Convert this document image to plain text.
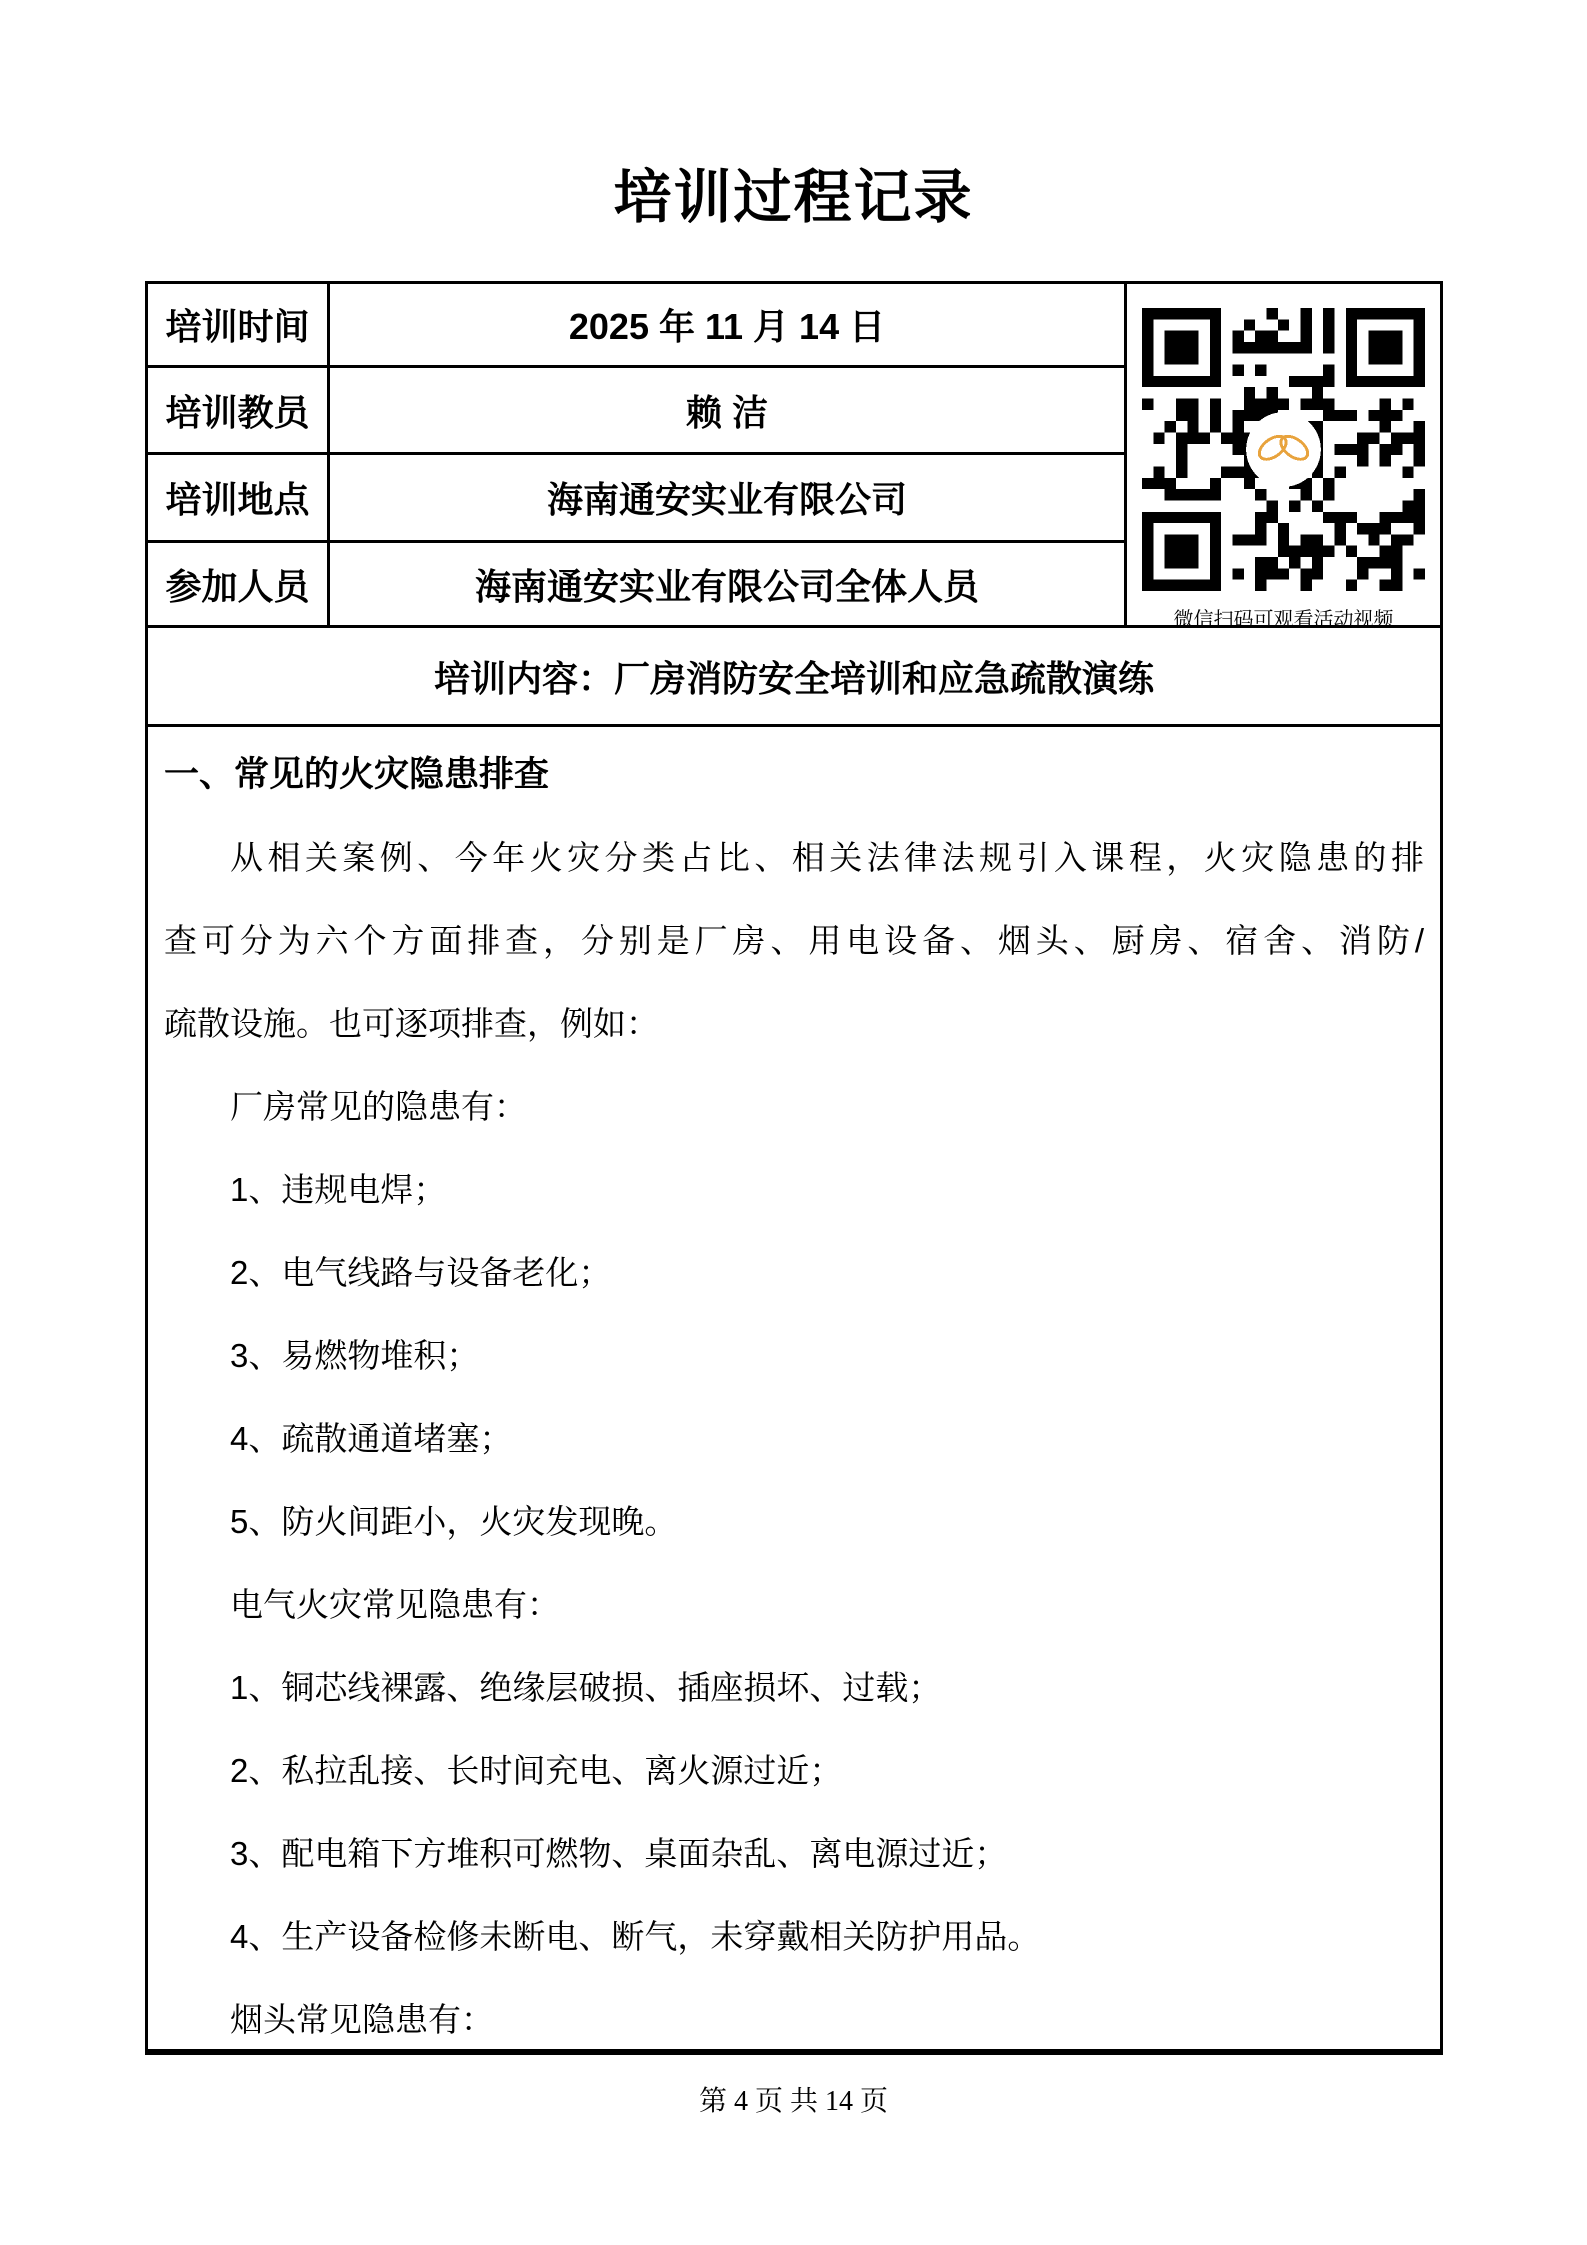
培训过程记录
培训时间	2025 年 11 月 14 日
培训教员	赖 洁
培训地点	海南通安实业有限公司
参加人员	海南通安实业有限公司全体人员
微信扫码可观看活动视频
培训内容：厂房消防安全培训和应急疏散演练
一、常见的火灾隐患排查
从相关案例、今年火灾分类占比、相关法律法规引入课程，火灾隐患的排
查可分为六个方面排查，分别是厂房、用电设备、烟头、厨房、宿舍、消防/
疏散设施。也可逐项排查，例如：
厂房常见的隐患有：
1、违规电焊；
2、电气线路与设备老化；
3、易燃物堆积；
4、疏散通道堵塞；
5、防火间距小，火灾发现晚。
电气火灾常见隐患有：
1、铜芯线裸露、绝缘层破损、插座损坏、过载；
2、私拉乱接、长时间充电、离火源过近；
3、配电箱下方堆积可燃物、桌面杂乱、离电源过近；
4、生产设备检修未断电、断气，未穿戴相关防护用品。
烟头常见隐患有：
第 4 页 共 14 页
